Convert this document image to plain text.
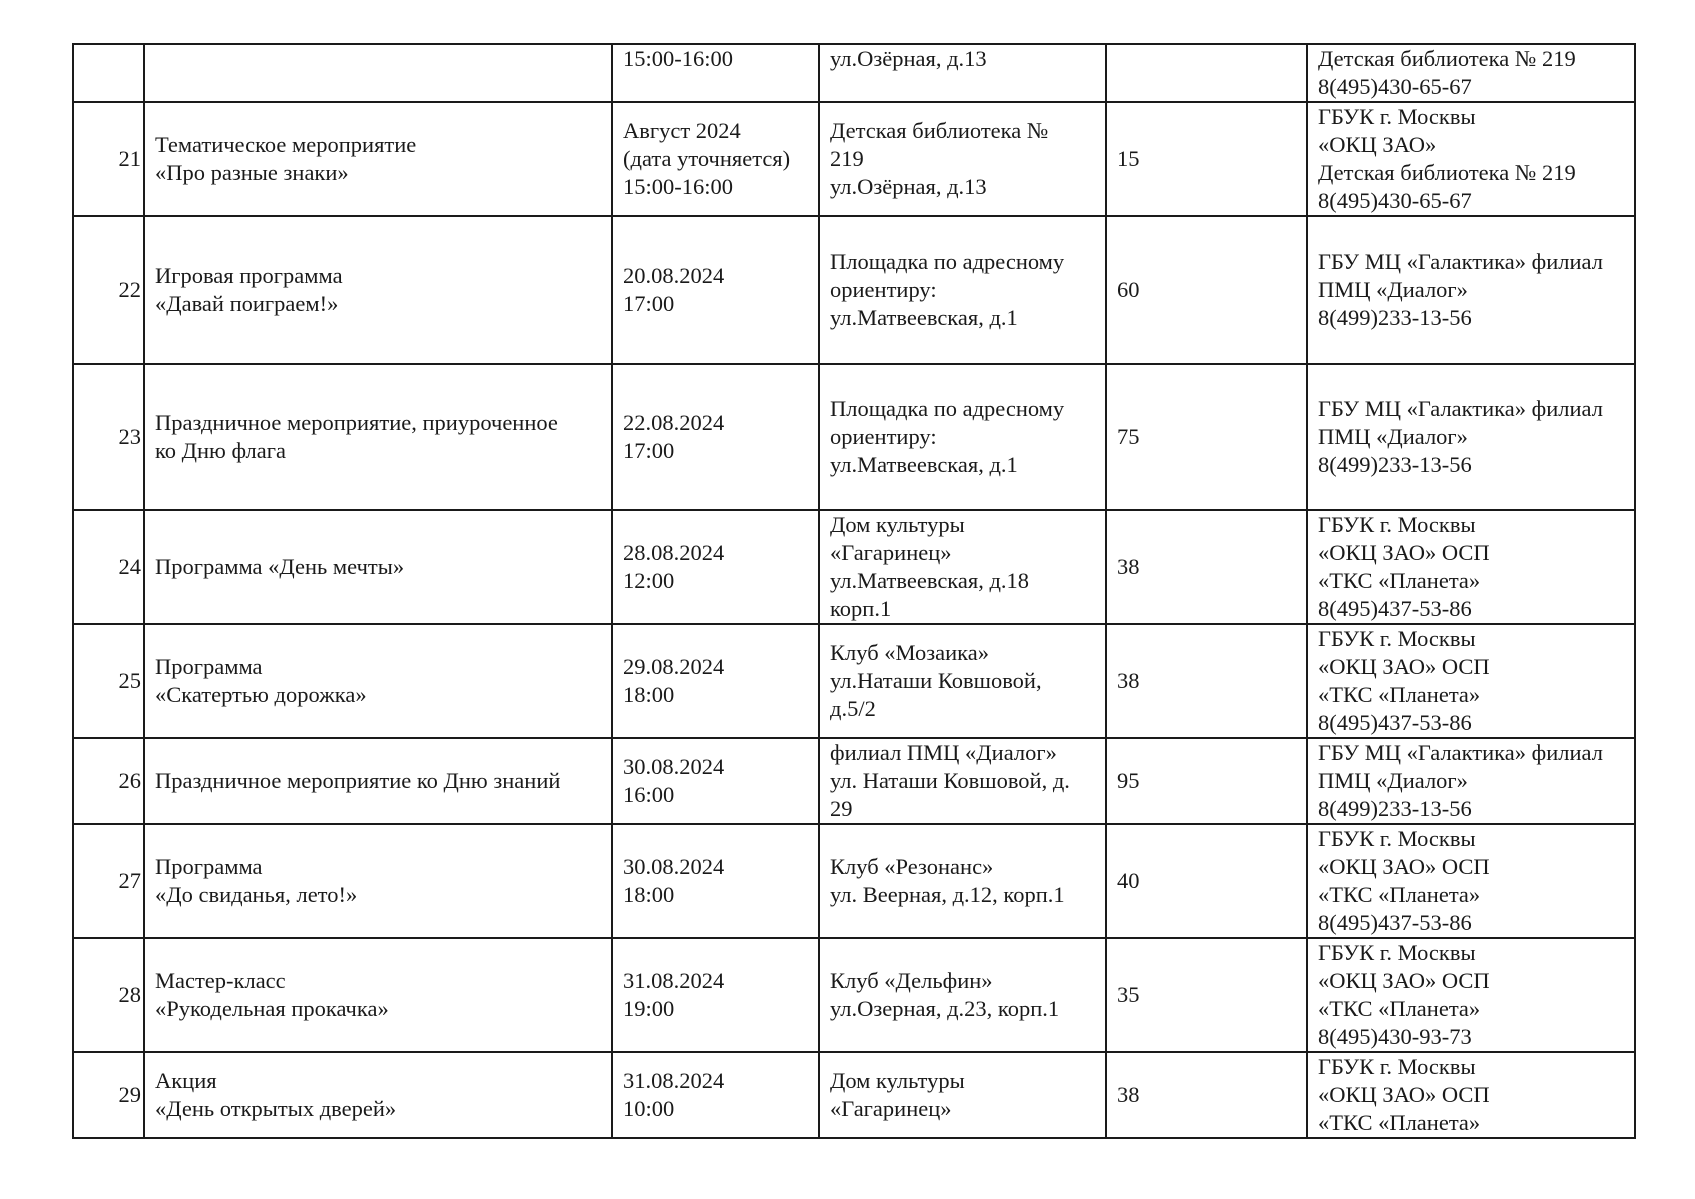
		15:00-16:00	ул.Озёрная, д.13		Детская библиотека № 219
8(495)430-65-67

21	Тематическое мероприятие
«Про разные знаки»	Август 2024
(дата уточняется)
15:00-16:00	Детская библиотека №
219
ул.Озёрная, д.13	15	ГБУК г. Москвы
«ОКЦ ЗАО»
Детская библиотека № 219
8(495)430-65-67

22	Игровая программа
«Давай поиграем!»	20.08.2024
17:00	Площадка по адресному
ориентиру:
ул.Матвеевская, д.1	60	ГБУ МЦ «Галактика» филиал
ПМЦ «Диалог»
8(499)233-13-56

23	Праздничное мероприятие, приуроченное
ко Дню флага	22.08.2024
17:00	Площадка по адресному
ориентиру:
ул.Матвеевская, д.1	75	ГБУ МЦ «Галактика» филиал
ПМЦ «Диалог»
8(499)233-13-56

24	Программа «День мечты»	28.08.2024
12:00	Дом культуры
«Гагаринец»
ул.Матвеевская, д.18
корп.1	38	ГБУК г. Москвы
«ОКЦ ЗАО» ОСП
«ТКС «Планета»
8(495)437-53-86

25	Программа
«Скатертью дорожка»	29.08.2024
18:00	Клуб «Мозаика»
ул.Наташи Ковшовой,
д.5/2	38	ГБУК г. Москвы
«ОКЦ ЗАО» ОСП
«ТКС «Планета»
8(495)437-53-86

26	Праздничное мероприятие ко Дню знаний	30.08.2024
16:00	филиал ПМЦ «Диалог»
ул. Наташи Ковшовой, д.
29	95	ГБУ МЦ «Галактика» филиал
ПМЦ «Диалог»
8(499)233-13-56

27	Программа
«До свиданья, лето!»	30.08.2024
18:00	Клуб «Резонанс»
ул. Веерная, д.12, корп.1	40	ГБУК г. Москвы
«ОКЦ ЗАО» ОСП
«ТКС «Планета»
8(495)437-53-86

28	Мастер-класс
«Рукодельная прокачка»	31.08.2024
19:00	Клуб «Дельфин»
ул.Озерная, д.23, корп.1	35	ГБУК г. Москвы
«ОКЦ ЗАО» ОСП
«ТКС «Планета»
8(495)430-93-73

29	Акция
«День открытых дверей»	31.08.2024
10:00	Дом культуры
«Гагаринец»	38	ГБУК г. Москвы
«ОКЦ ЗАО» ОСП
«ТКС «Планета»
